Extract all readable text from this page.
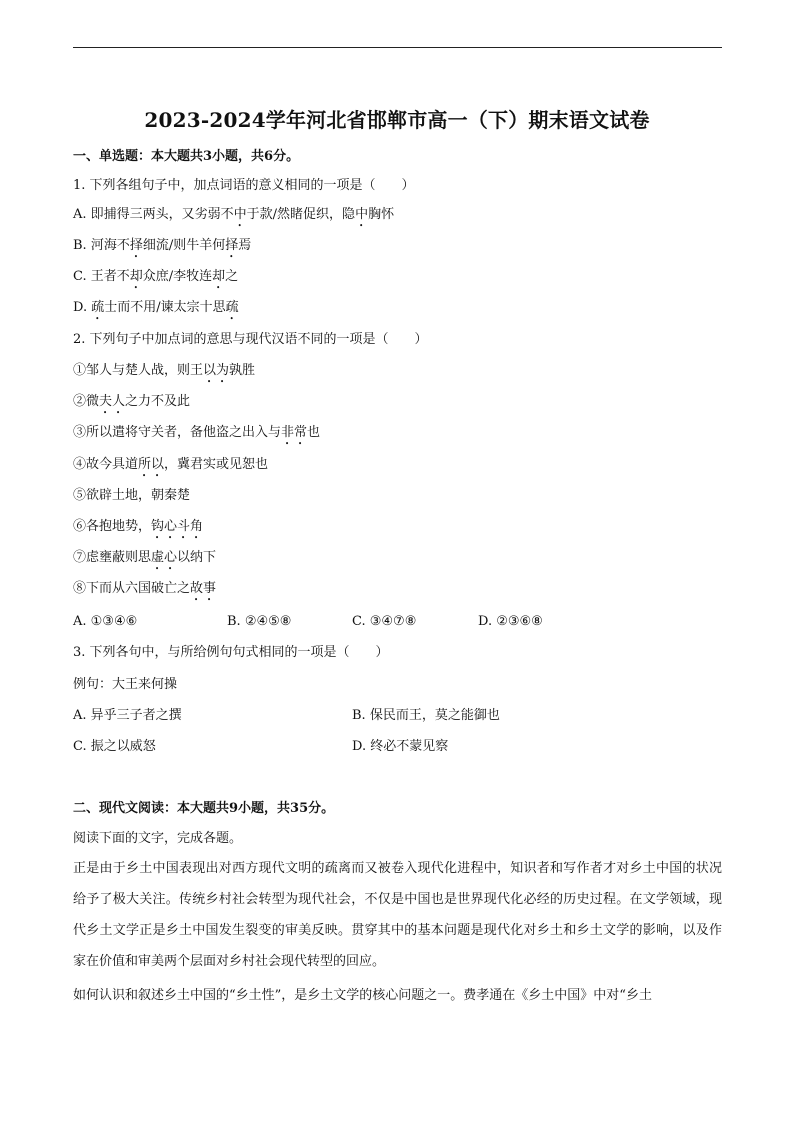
2023-2024学年河北省邯郸市高一（下）期末语文试卷
一、单选题：本大题共3小题，共6分。
1. 下列各组句子中，加点词语的意义相同的一项是（　　）
A. 即捕得三两头，又劣弱不中于款/然睹促织，隐中胸怀
B. 河海不择细流/则牛羊何择焉
C. 王者不却众庶/李牧连却之
D. 疏士而不用/谏太宗十思疏
2. 下列句子中加点词的意思与现代汉语不同的一项是（　　）
①邹人与楚人战，则王以为孰胜
②微夫人之力不及此
③所以遣将守关者，备他盗之出入与非常也
④故今具道所以，冀君实或见恕也
⑤欲辟土地，朝秦楚
⑥各抱地势，钩心斗角
⑦虑壅蔽则思虚心以纳下
⑧下而从六国破亡之故事
A. ①③④⑥	B. ②④⑤⑧	C. ③④⑦⑧	D. ②③⑥⑧
3. 下列各句中，与所给例句句式相同的一项是（　　）
例句：大王来何操
A. 异乎三子者之撰	B. 保民而王，莫之能御也
C. 振之以威怒	D. 终必不蒙见察
二、现代文阅读：本大题共9小题，共35分。
阅读下面的文字，完成各题。
正是由于乡土中国表现出对西方现代文明的疏离而又被卷入现代化进程中，知识者和写作者才对乡土中国的状况给予了极大关注。传统乡村社会转型为现代社会，不仅是中国也是世界现代化必经的历史过程。在文学领域，现代乡土文学正是乡土中国发生裂变的审美反映。贯穿其中的基本问题是现代化对乡土和乡土文学的影响，以及作家在价值和审美两个层面对乡村社会现代转型的回应。
如何认识和叙述乡土中国的“乡土性”，是乡土文学的核心问题之一。费孝通在《乡土中国》中对“乡土
